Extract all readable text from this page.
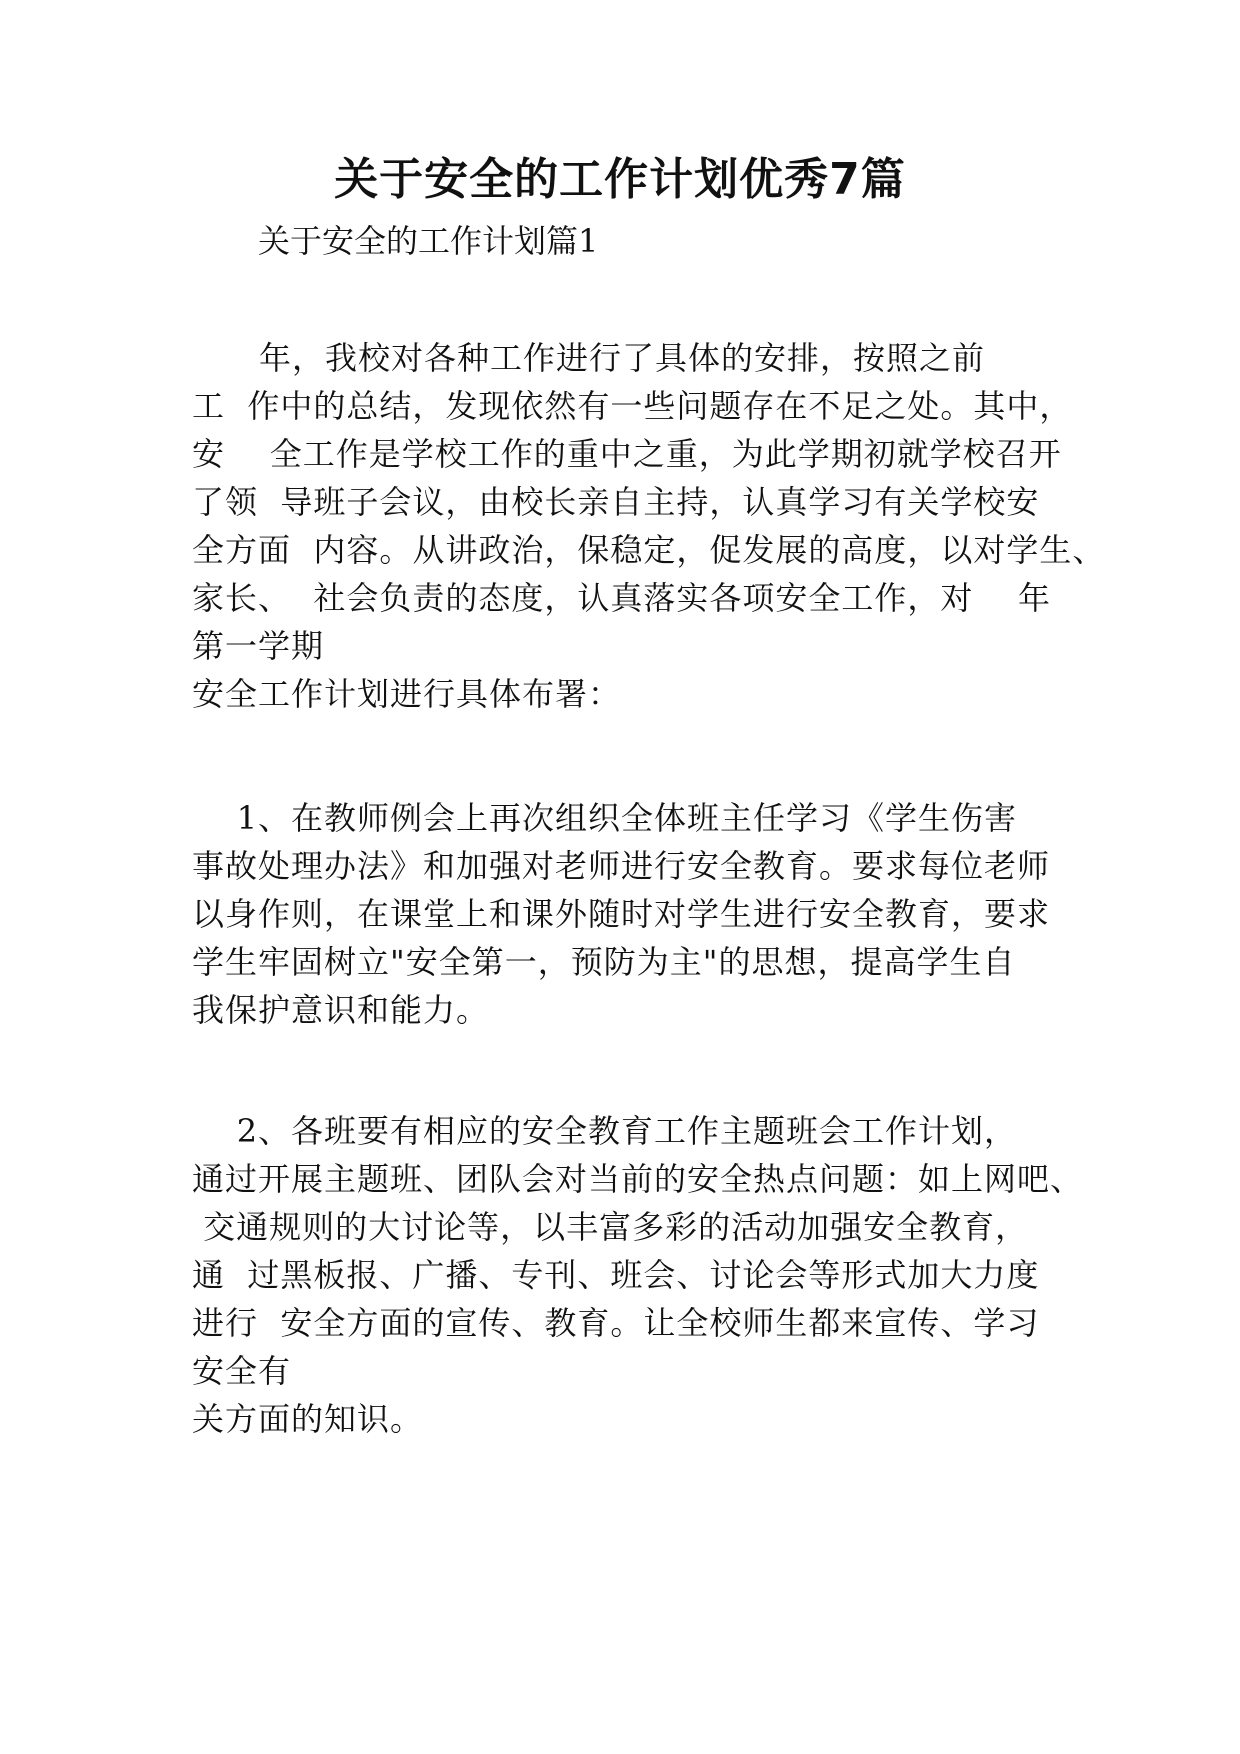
关于安全的工作计划优秀7篇
关于安全的工作计划篇1
年，我校对各种工作进行了具体的安排，按照之前
工  作中的总结，发现依然有一些问题存在不足之处。其中，
安    全工作是学校工作的重中之重，为此学期初就学校召开
了领  导班子会议，由校长亲自主持，认真学习有关学校安
全方面  内容。从讲政治，保稳定，促发展的高度，以对学生、
家长、  社会负责的态度，认真落实各项安全工作，对    年
第一学期
安全工作计划进行具体布署：
1、在教师例会上再次组织全体班主任学习《学生伤害
事故处理办法》和加强对老师进行安全教育。要求每位老师
以身作则，在课堂上和课外随时对学生进行安全教育，要求
学生牢固树立"安全第一，预防为主"的思想，提高学生自
我保护意识和能力。
2、各班要有相应的安全教育工作主题班会工作计划，
通过开展主题班、团队会对当前的安全热点问题：如上网吧、
交通规则的大讨论等，以丰富多彩的活动加强安全教育，
通  过黑板报、广播、专刊、班会、讨论会等形式加大力度
进行  安全方面的宣传、教育。让全校师生都来宣传、学习
安全有
关方面的知识。
